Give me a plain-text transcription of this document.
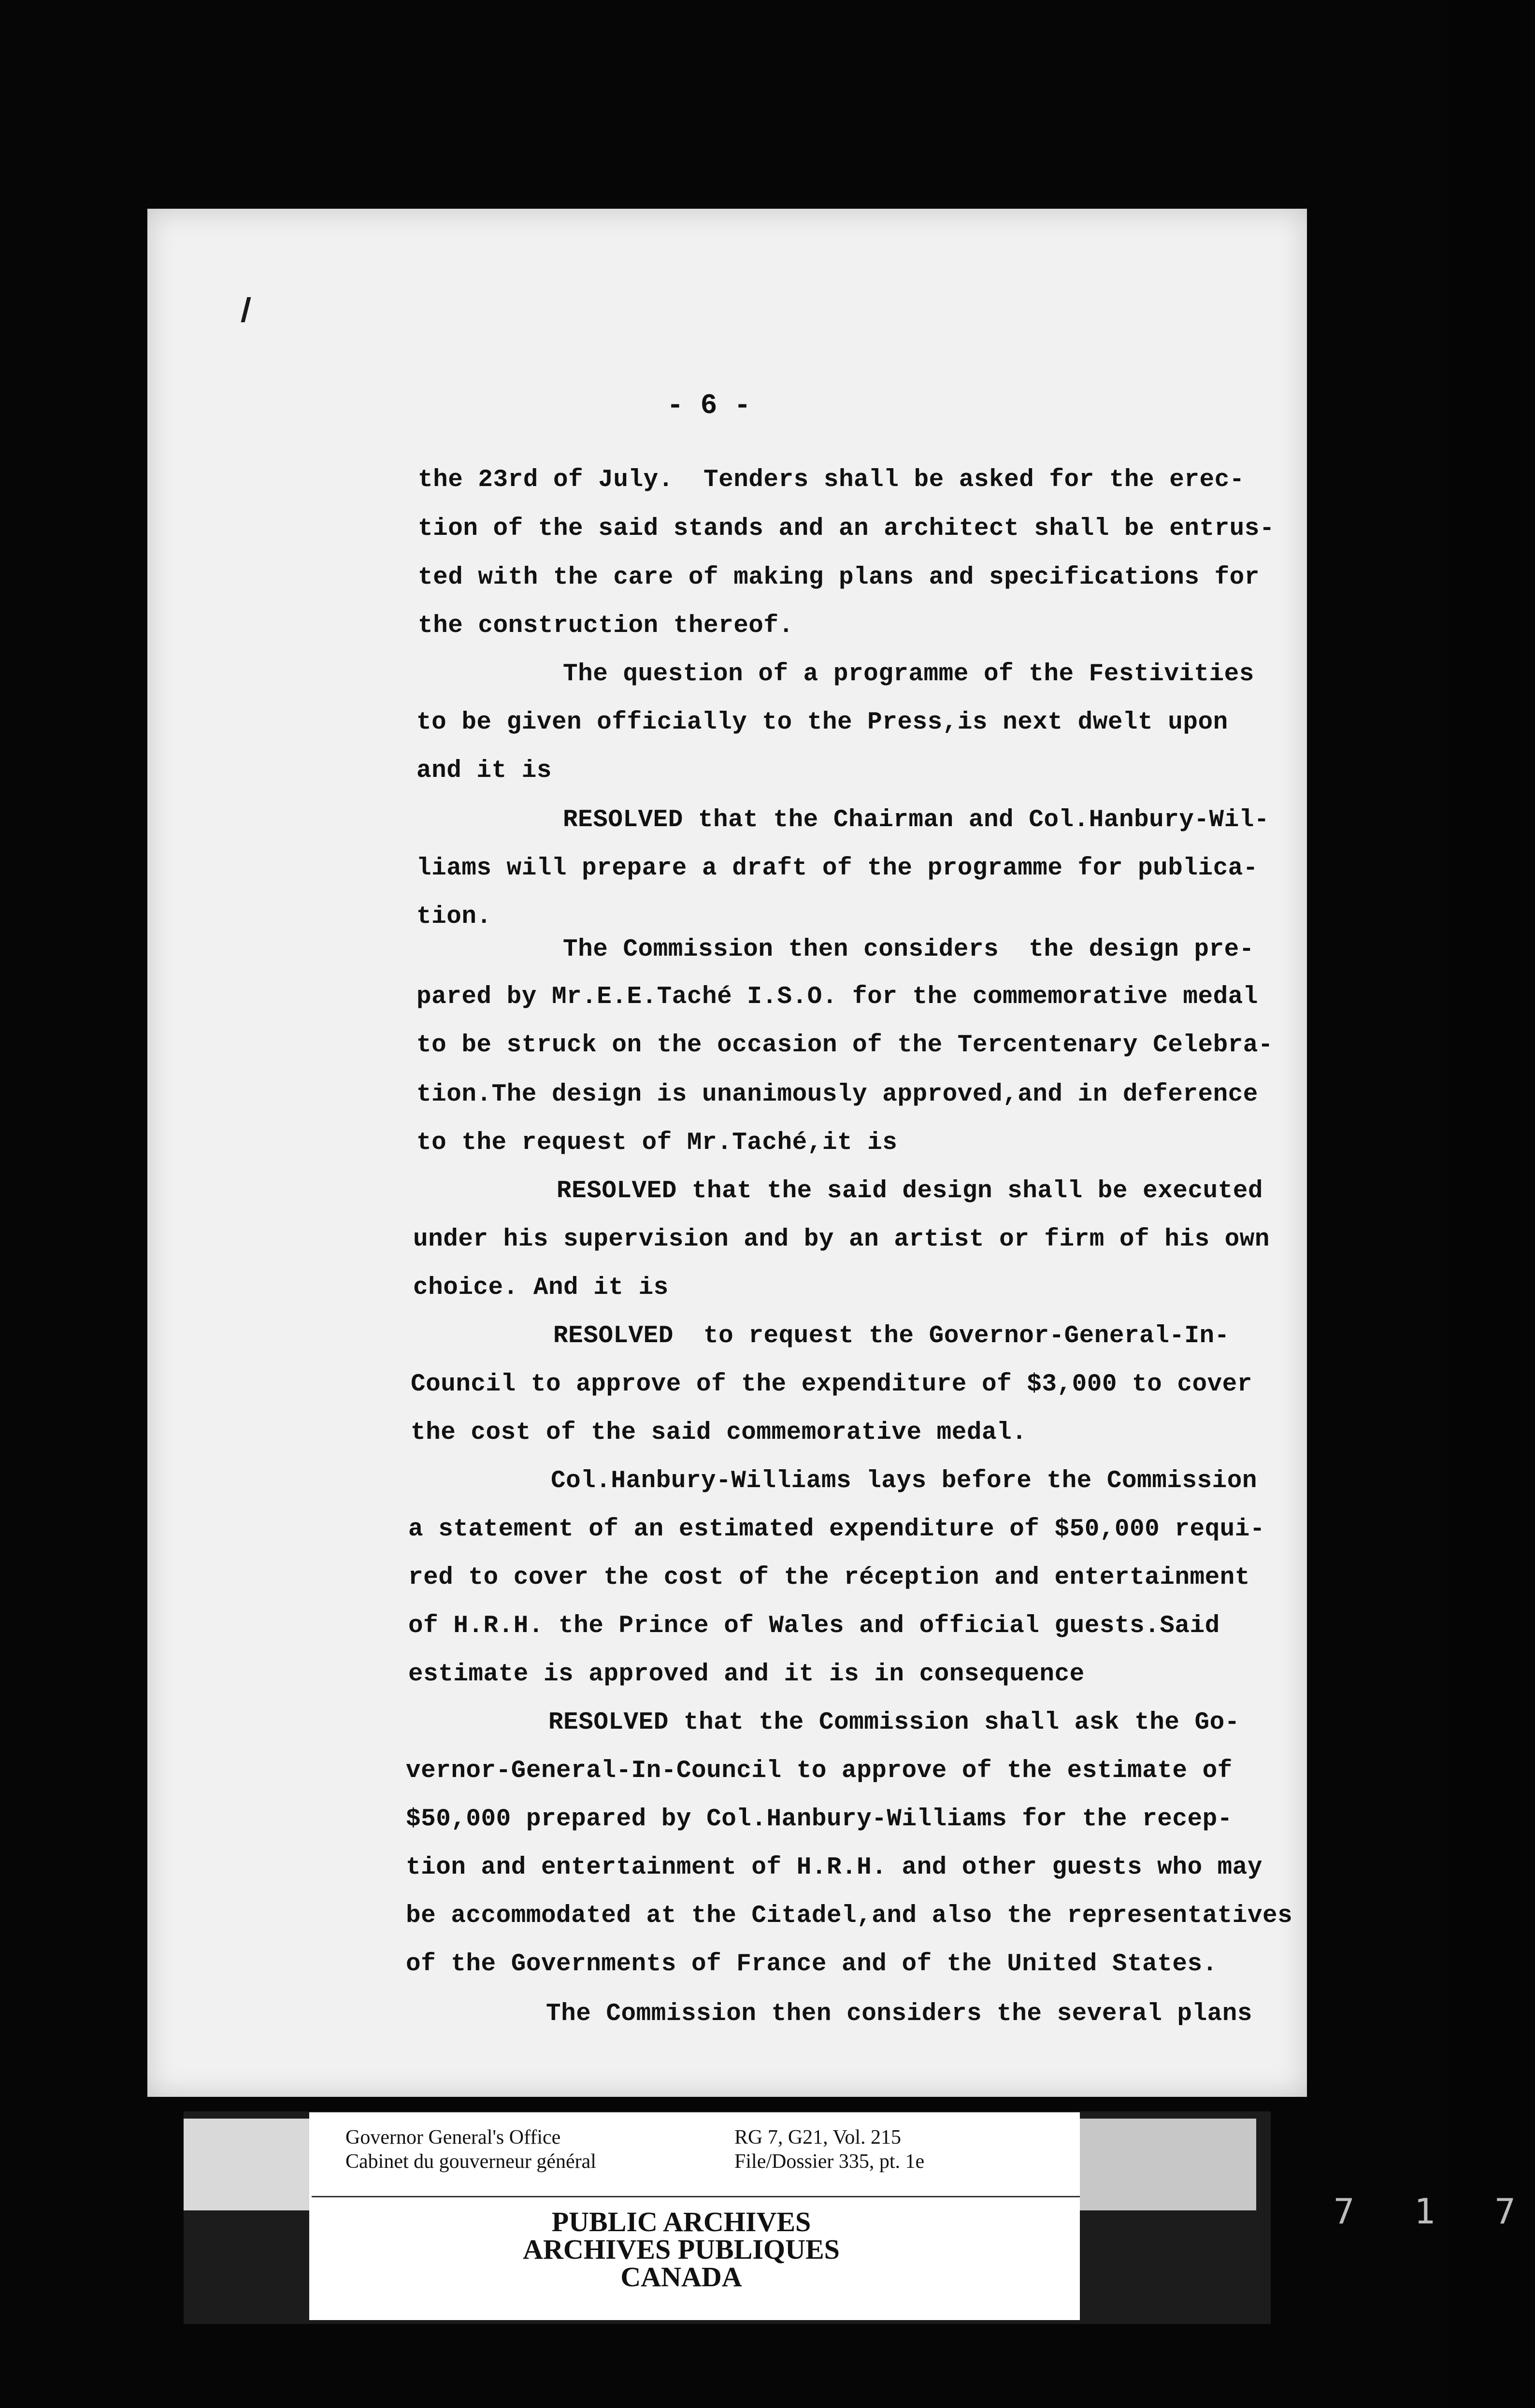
- 6 -
the 23rd of July.  Tenders shall be asked for the erec-
tion of the said stands and an architect shall be entrus-
ted with the care of making plans and specifications for
the construction thereof.
The question of a programme of the Festivities
to be given officially to the Press,is next dwelt upon
and it is
RESOLVED that the Chairman and Col.Hanbury-Wil-
liams will prepare a draft of the programme for publica-
tion.
The Commission then considers  the design pre-
pared by Mr.E.E.Taché I.S.O. for the commemorative medal
to be struck on the occasion of the Tercentenary Celebra-
tion.The design is unanimously approved,and in deference
to the request of Mr.Taché,it is
RESOLVED that the said design shall be executed
under his supervision and by an artist or firm of his own
choice. And it is
RESOLVED  to request the Governor-General-In-
Council to approve of the expenditure of $3,000 to cover
the cost of the said commemorative medal.
Col.Hanbury-Williams lays before the Commission
a statement of an estimated expenditure of $50,000 requi-
red to cover the cost of the réception and entertainment
of H.R.H. the Prince of Wales and official guests.Said
estimate is approved and it is in consequence
RESOLVED that the Commission shall ask the Go-
vernor-General-In-Council to approve of the estimate of
$50,000 prepared by Col.Hanbury-Williams for the recep-
tion and entertainment of H.R.H. and other guests who may
be accommodated at the Citadel,and also the representatives
of the Governments of France and of the United States.
The Commission then considers the several plans
Governor General's Office
Cabinet du gouverneur général
RG 7, G21, Vol. 215
File/Dossier 335, pt. 1e
PUBLIC ARCHIVES
ARCHIVES PUBLIQUES
CANADA
7 1 7
